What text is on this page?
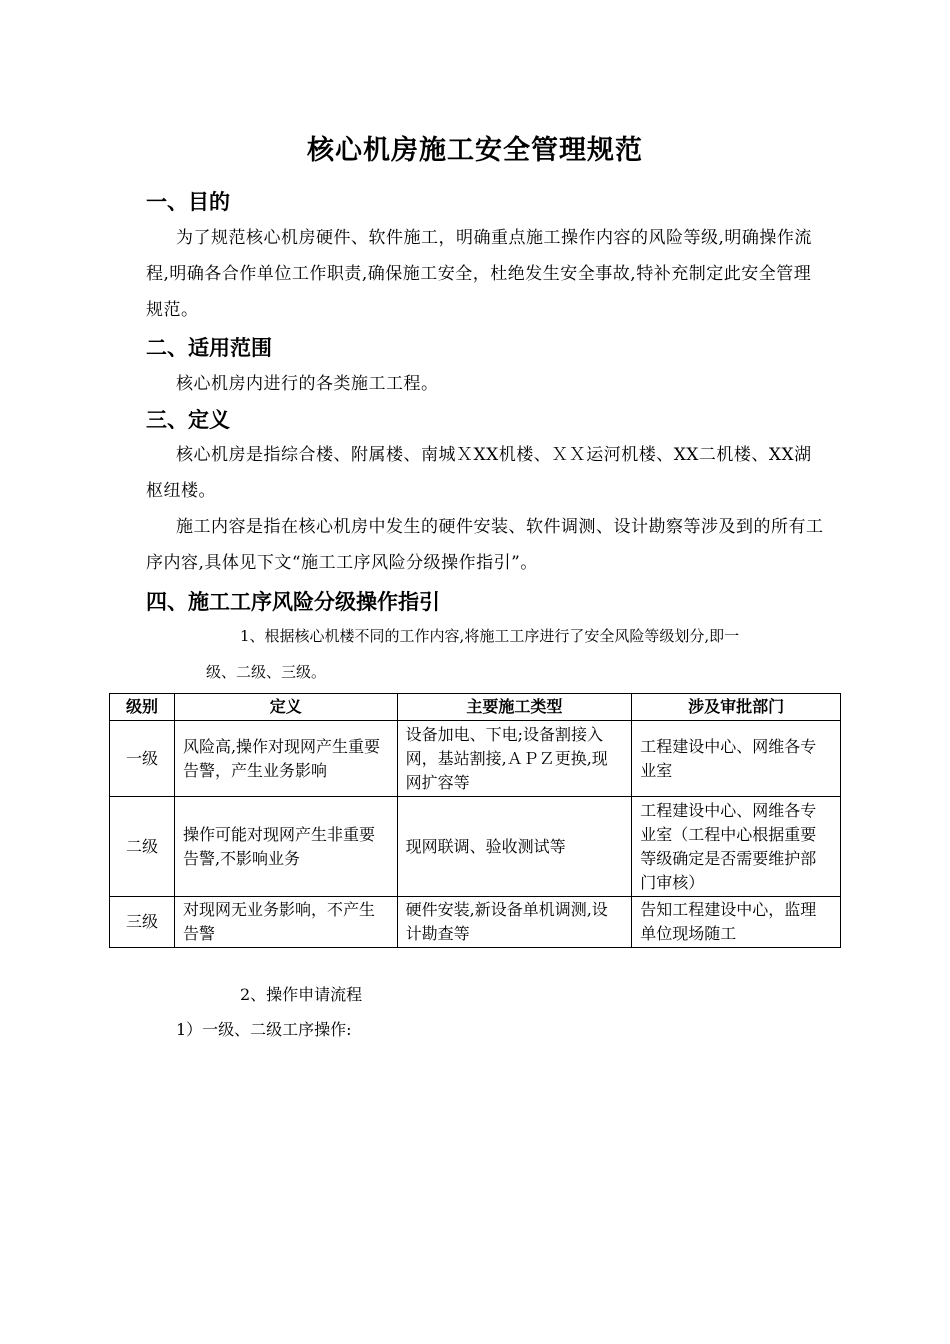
核心机房施工安全管理规范
一、目的
为了规范核心机房硬件、软件施工，明确重点施工操作内容的风险等级,明确操作流程,明确各合作单位工作职责,确保施工安全，杜绝发生安全事故,特补充制定此安全管理规范。
二、适用范围
核心机房内进行的各类施工工程。
三、定义
核心机房是指综合楼、附属楼、南城ＸXX机楼、ＸＸ运河机楼、XX二机楼、XX湖枢纽楼。
施工内容是指在核心机房中发生的硬件安装、软件调测、设计勘察等涉及到的所有工序内容,具体见下文“施工工序风险分级操作指引”。
四、施工工序风险分级操作指引
1、根据核心机楼不同的工作内容,将施工工序进行了安全风险等级划分,即一
级、二级、三级。
级别	定义	主要施工类型	涉及审批部门
一级	风险高,操作对现网产生重要告警，产生业务影响	设备加电、下电;设备割接入网，基站割接,ＡＰＺ更换,现网扩容等	工程建设中心、网维各专业室
二级	操作可能对现网产生非重要告警,不影响业务	现网联调、验收测试等	工程建设中心、网维各专业室（工程中心根据重要等级确定是否需要维护部门审核）
三级	对现网无业务影响，不产生告警	硬件安装,新设备单机调测,设计勘查等	告知工程建设中心，监理单位现场随工
2、操作申请流程
1）一级、二级工序操作:
